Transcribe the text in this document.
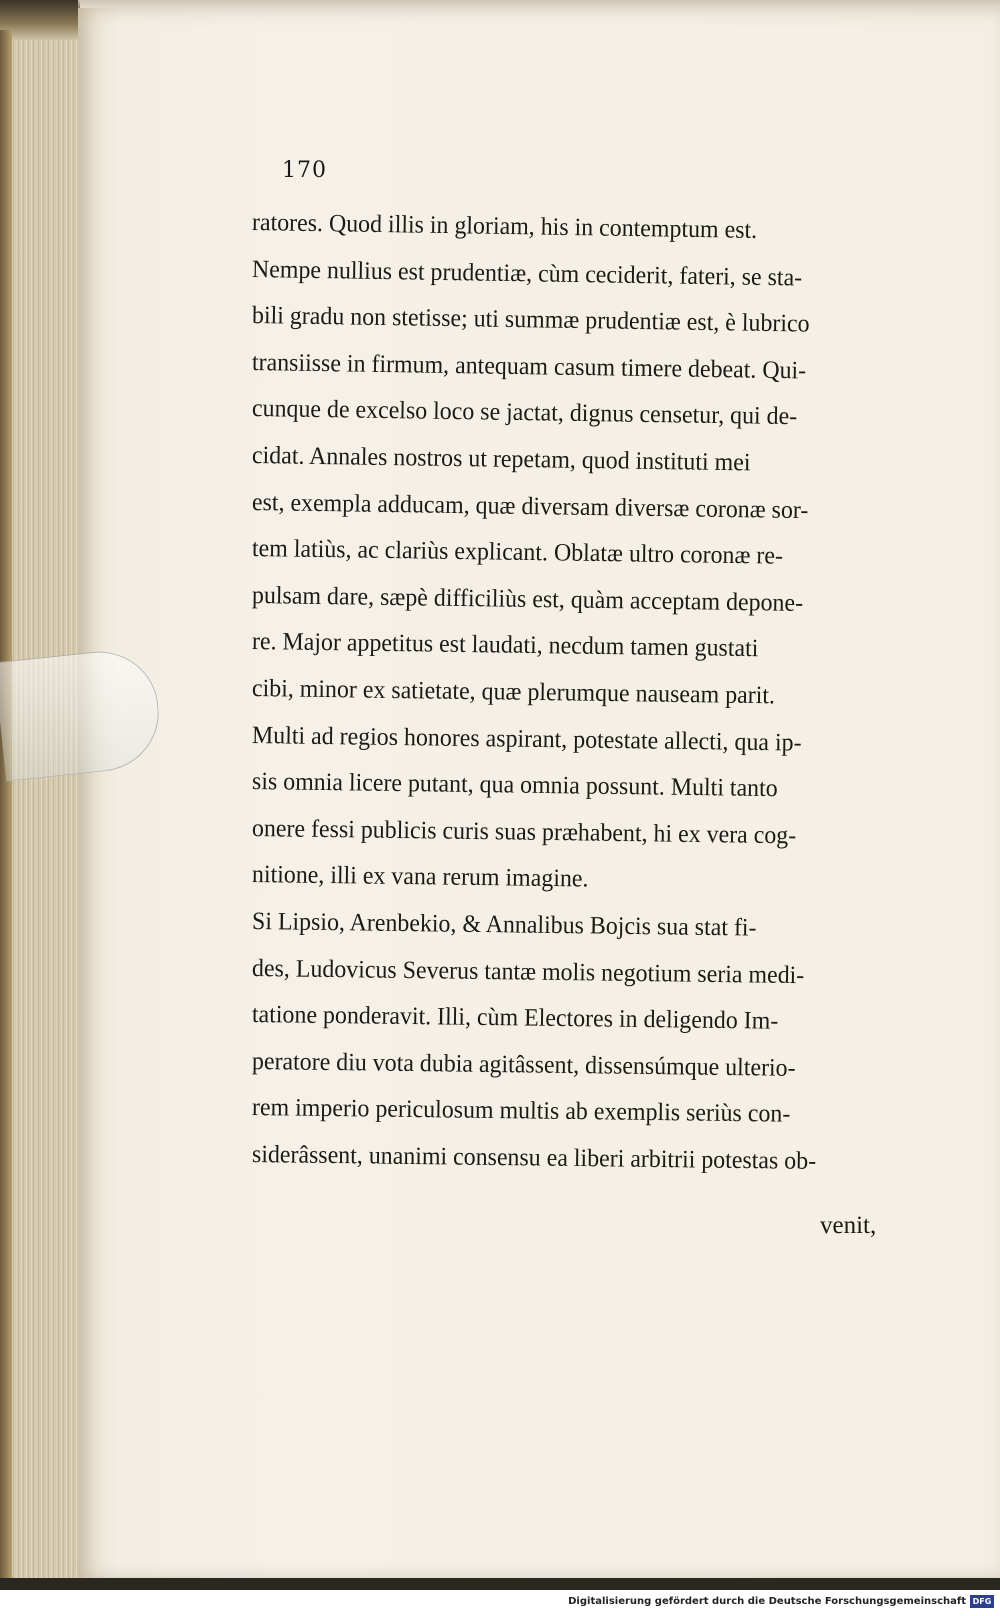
170
ratores. Quod illis in gloriam, his in contemptum est.
Nempe nullius est prudentiæ, cùm ceciderit, fateri, se sta-
bili gradu non stetisse; uti summæ prudentiæ est, è lubrico
transiisse in firmum, antequam casum timere debeat. Qui-
cunque de excelso loco se jactat, dignus censetur, qui de-
cidat. Annales nostros ut repetam, quod instituti mei
est, exempla adducam, quæ diversam diversæ coronæ sor-
tem latiùs, ac clariùs explicant. Oblatæ ultro coronæ re-
pulsam dare, sæpè difficiliùs est, quàm acceptam depone-
re. Major appetitus est laudati, necdum tamen gustati
cibi, minor ex satietate, quæ plerumque nauseam parit.
Multi ad regios honores aspirant, potestate allecti, qua ip-
sis omnia licere putant, qua omnia possunt. Multi tanto
onere fessi publicis curis suas præhabent, hi ex vera cog-
nitione, illi ex vana rerum imagine.
Si Lipsio, Arenbekio, & Annalibus Bojcis sua stat fi-
des, Ludovicus Severus tantæ molis negotium seria medi-
tatione ponderavit. Illi, cùm Electores in deligendo Im-
peratore diu vota dubia agitâssent, dissensúmque ulterio-
rem imperio periculosum multis ab exemplis seriùs con-
siderâssent, unanimi consensu ea liberi arbitrii potestas ob-
venit,
Digitalisierung gefördert durch die Deutsche Forschungsgemeinschaft DFG
